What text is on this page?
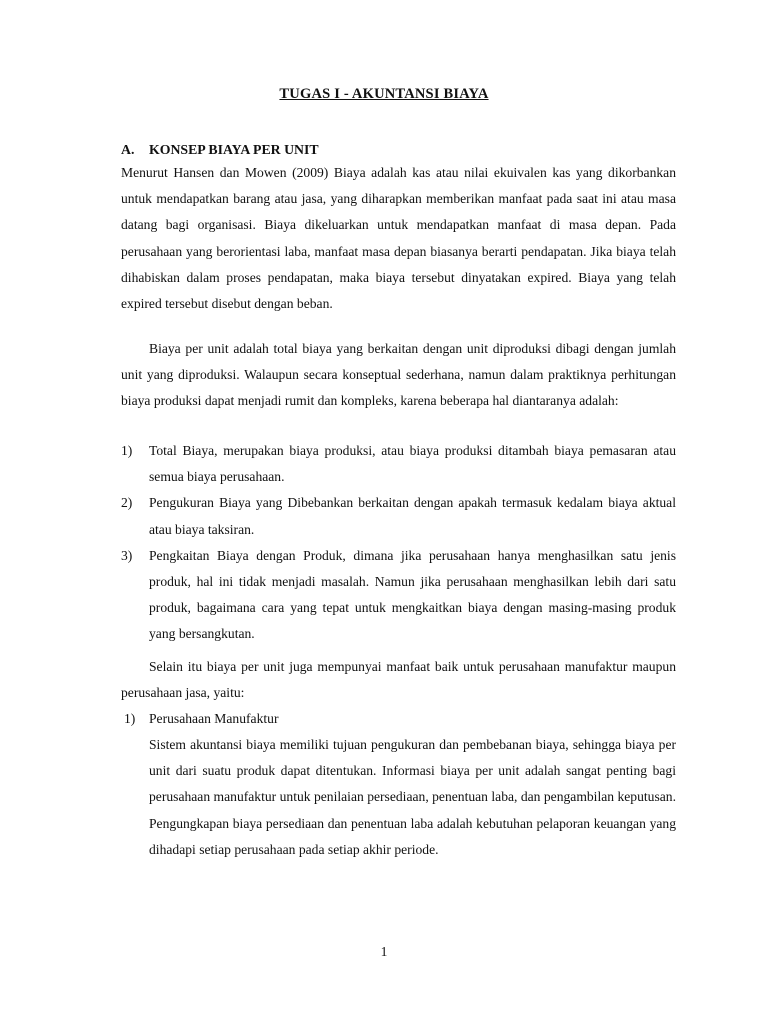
TUGAS I - AKUNTANSI BIAYA
A. KONSEP BIAYA PER UNIT
Menurut Hansen dan Mowen (2009) Biaya adalah kas atau nilai ekuivalen kas yang dikorbankan untuk mendapatkan barang atau jasa, yang diharapkan memberikan manfaat pada saat ini atau masa datang bagi organisasi. Biaya dikeluarkan untuk mendapatkan manfaat di masa depan. Pada perusahaan yang berorientasi laba, manfaat masa depan biasanya berarti pendapatan. Jika biaya telah dihabiskan dalam proses pendapatan, maka biaya tersebut dinyatakan expired. Biaya yang telah expired tersebut disebut dengan beban.
Biaya per unit adalah total biaya yang berkaitan dengan unit diproduksi dibagi dengan jumlah unit yang diproduksi. Walaupun secara konseptual sederhana, namun dalam praktiknya perhitungan biaya produksi dapat menjadi rumit dan kompleks, karena beberapa hal diantaranya adalah:
1) Total Biaya, merupakan biaya produksi, atau biaya produksi ditambah biaya pemasaran atau semua biaya perusahaan.
2) Pengukuran Biaya yang Dibebankan berkaitan dengan apakah termasuk kedalam biaya aktual atau biaya taksiran.
3) Pengkaitan Biaya dengan Produk, dimana jika perusahaan hanya menghasilkan satu jenis produk, hal ini tidak menjadi masalah. Namun jika perusahaan menghasilkan lebih dari satu produk, bagaimana cara yang tepat untuk mengkaitkan biaya dengan masing-masing produk yang bersangkutan.
Selain itu biaya per unit juga mempunyai manfaat baik untuk perusahaan manufaktur maupun perusahaan jasa, yaitu:
1) Perusahaan Manufaktur
Sistem akuntansi biaya memiliki tujuan pengukuran dan pembebanan biaya, sehingga biaya per unit dari suatu produk dapat ditentukan. Informasi biaya per unit adalah sangat penting bagi perusahaan manufaktur untuk penilaian persediaan, penentuan laba, dan pengambilan keputusan. Pengungkapan biaya persediaan dan penentuan laba adalah kebutuhan pelaporan keuangan yang dihadapi setiap perusahaan pada setiap akhir periode.
1
